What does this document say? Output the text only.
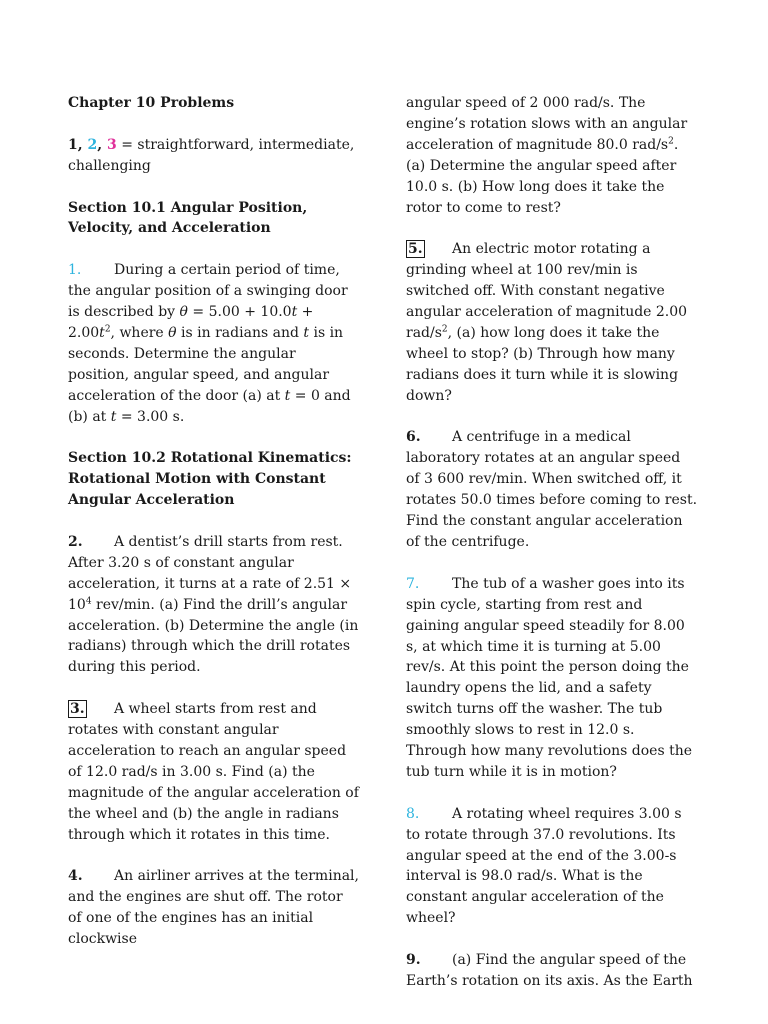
Chapter 10 Problems
1, 2, 3 = straightforward, intermediate, challenging
Section 10.1 Angular Position, Velocity, and Acceleration
1. During a certain period of time, the angular position of a swinging door is described by $\theta = 5.00 + 10.0t + 2.00t^2$, where θ is in radians and t is in seconds. Determine the angular position, angular speed, and angular acceleration of the door (a) at t = 0 and (b) at t = 3.00 s.
Section 10.2 Rotational Kinematics: Rotational Motion with Constant Angular Acceleration
2. A dentist’s drill starts from rest. After 3.20 s of constant angular acceleration, it turns at a rate of $2.51 \times 10^4$ rev/min. (a) Find the drill’s angular acceleration. (b) Determine the angle (in radians) through which the drill rotates during this period.
3. A wheel starts from rest and rotates with constant angular acceleration to reach an angular speed of 12.0 rad/s in 3.00 s. Find (a) the magnitude of the angular acceleration of the wheel and (b) the angle in radians through which it rotates in this time.
4. An airliner arrives at the terminal, and the engines are shut off. The rotor of one of the engines has an initial clockwise
angular speed of 2 000 rad/s. The engine’s rotation slows with an angular acceleration of magnitude 80.0 rad/$s^2$. (a) Determine the angular speed after 10.0 s. (b) How long does it take the rotor to come to rest?
5. An electric motor rotating a grinding wheel at 100 rev/min is switched off. With constant negative angular acceleration of magnitude 2.00 rad/$s^2$, (a) how long does it take the wheel to stop? (b) Through how many radians does it turn while it is slowing down?
6. A centrifuge in a medical laboratory rotates at an angular speed of 3 600 rev/min. When switched off, it rotates 50.0 times before coming to rest. Find the constant angular acceleration of the centrifuge.
7. The tub of a washer goes into its spin cycle, starting from rest and gaining angular speed steadily for 8.00 s, at which time it is turning at 5.00 rev/s. At this point the person doing the laundry opens the lid, and a safety switch turns off the washer. The tub smoothly slows to rest in 12.0 s. Through how many revolutions does the tub turn while it is in motion?
8. A rotating wheel requires 3.00 s to rotate through 37.0 revolutions. Its angular speed at the end of the 3.00-s interval is 98.0 rad/s. What is the constant angular acceleration of the wheel?
9. (a) Find the angular speed of the Earth’s rotation on its axis. As the Earth
